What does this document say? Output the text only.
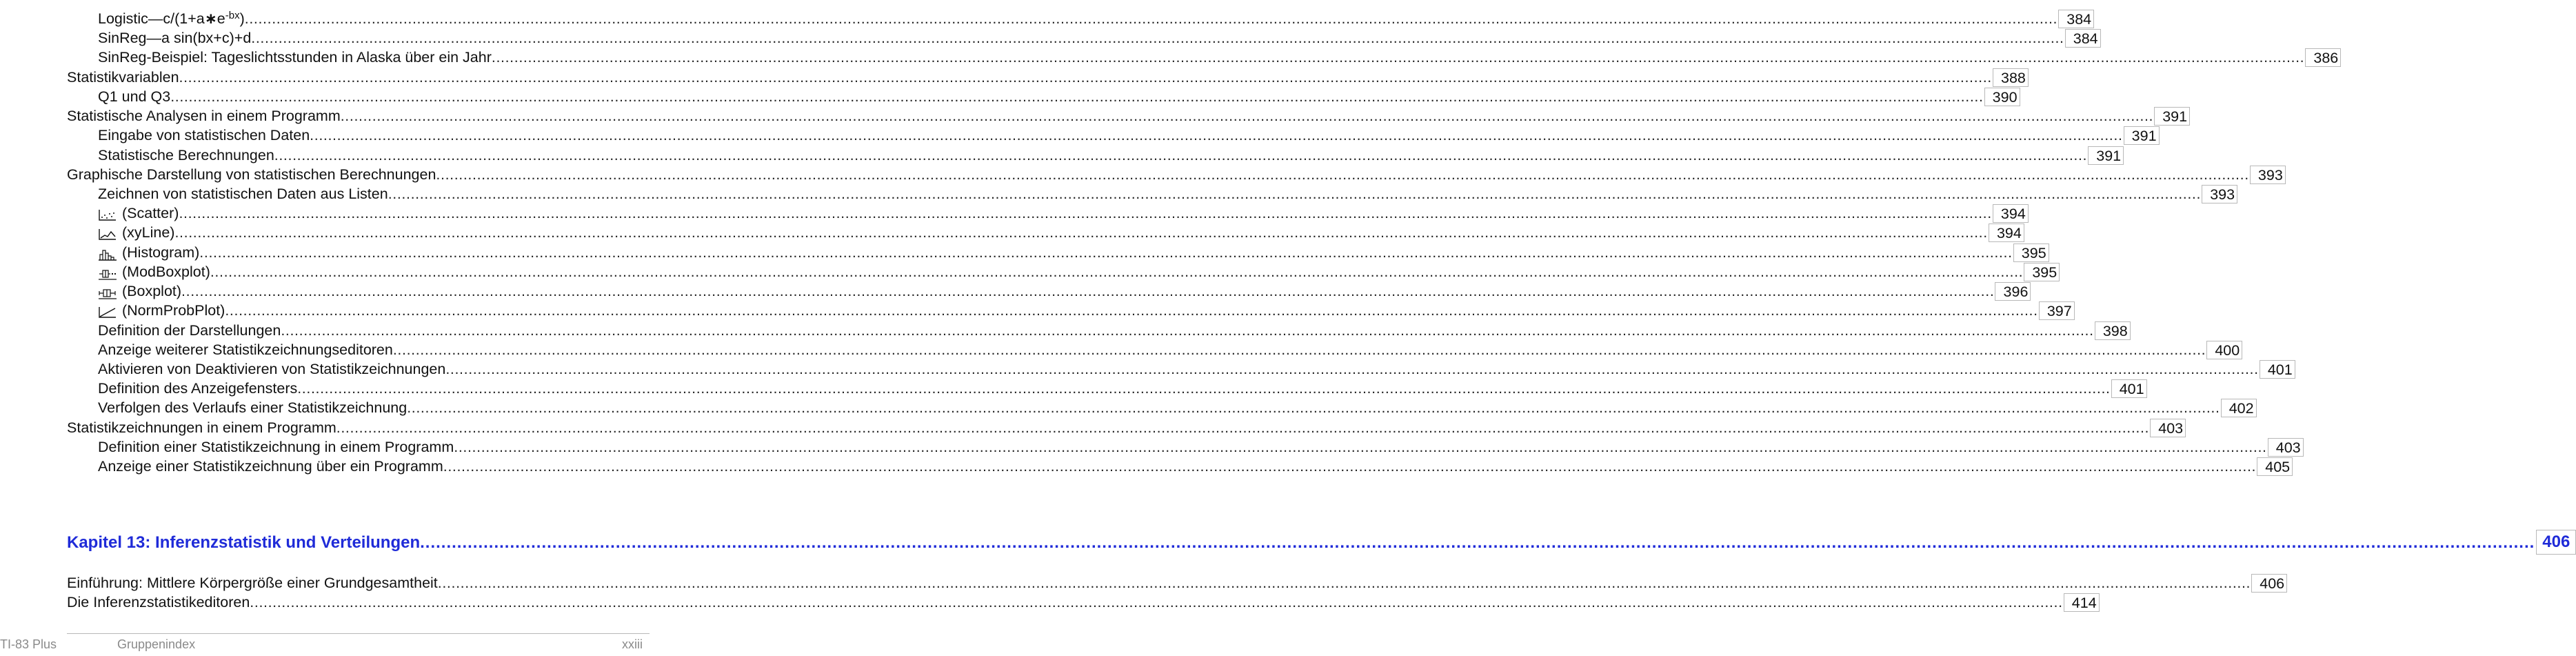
$Logistic—c/(1+a∗e^{-bx})$ ................................................................................................................................................................................................................................................................................................................................................................................................................ 384
SinReg—a sin(bx+c)+d ................................................................................................................................................................................................................................................................................................................................................................................................................ 384
SinReg-Beispiel: Tageslichtsstunden in Alaska über ein Jahr ................................................................................................................................................................................................................................................................................................................................................................................................................ 386
Statistikvariablen ................................................................................................................................................................................................................................................................................................................................................................................................................ 388
Q1 und Q3 ................................................................................................................................................................................................................................................................................................................................................................................................................ 390
Statistische Analysen in einem Programm ................................................................................................................................................................................................................................................................................................................................................................................................................ 391
Eingabe von statistischen Daten ................................................................................................................................................................................................................................................................................................................................................................................................................ 391
Statistische Berechnungen ................................................................................................................................................................................................................................................................................................................................................................................................................ 391
Graphische Darstellung von statistischen Berechnungen ................................................................................................................................................................................................................................................................................................................................................................................................................ 393
Zeichnen von statistischen Daten aus Listen ................................................................................................................................................................................................................................................................................................................................................................................................................ 393
(Scatter) ................................................................................................................................................................................................................................................................................................................................................................................................................ 394
(xyLine) ................................................................................................................................................................................................................................................................................................................................................................................................................ 394
(Histogram) ................................................................................................................................................................................................................................................................................................................................................................................................................ 395
(ModBoxplot) ................................................................................................................................................................................................................................................................................................................................................................................................................ 395
(Boxplot) ................................................................................................................................................................................................................................................................................................................................................................................................................ 396
(NormProbPlot) ................................................................................................................................................................................................................................................................................................................................................................................................................ 397
Definition der Darstellungen ................................................................................................................................................................................................................................................................................................................................................................................................................ 398
Anzeige weiterer Statistikzeichnungseditoren ................................................................................................................................................................................................................................................................................................................................................................................................................ 400
Aktivieren von Deaktivieren von Statistikzeichnungen ................................................................................................................................................................................................................................................................................................................................................................................................................ 401
Definition des Anzeigefensters ................................................................................................................................................................................................................................................................................................................................................................................................................ 401
Verfolgen des Verlaufs einer Statistikzeichnung ................................................................................................................................................................................................................................................................................................................................................................................................................ 402
Statistikzeichnungen in einem Programm ................................................................................................................................................................................................................................................................................................................................................................................................................ 403
Definition einer Statistikzeichnung in einem Programm ................................................................................................................................................................................................................................................................................................................................................................................................................ 403
Anzeige einer Statistikzeichnung über ein Programm ................................................................................................................................................................................................................................................................................................................................................................................................................ 405
Kapitel 13: Inferenzstatistik und Verteilungen ................................................................................................................................................................................................................................................................................................................................................................................................................ 406
Einführung: Mittlere Körpergröße einer Grundgesamtheit ................................................................................................................................................................................................................................................................................................................................................................................................................ 406
Die Inferenzstatistikeditoren ................................................................................................................................................................................................................................................................................................................................................................................................................ 414
TI-83 Plus	Gruppenindex	xxiii
